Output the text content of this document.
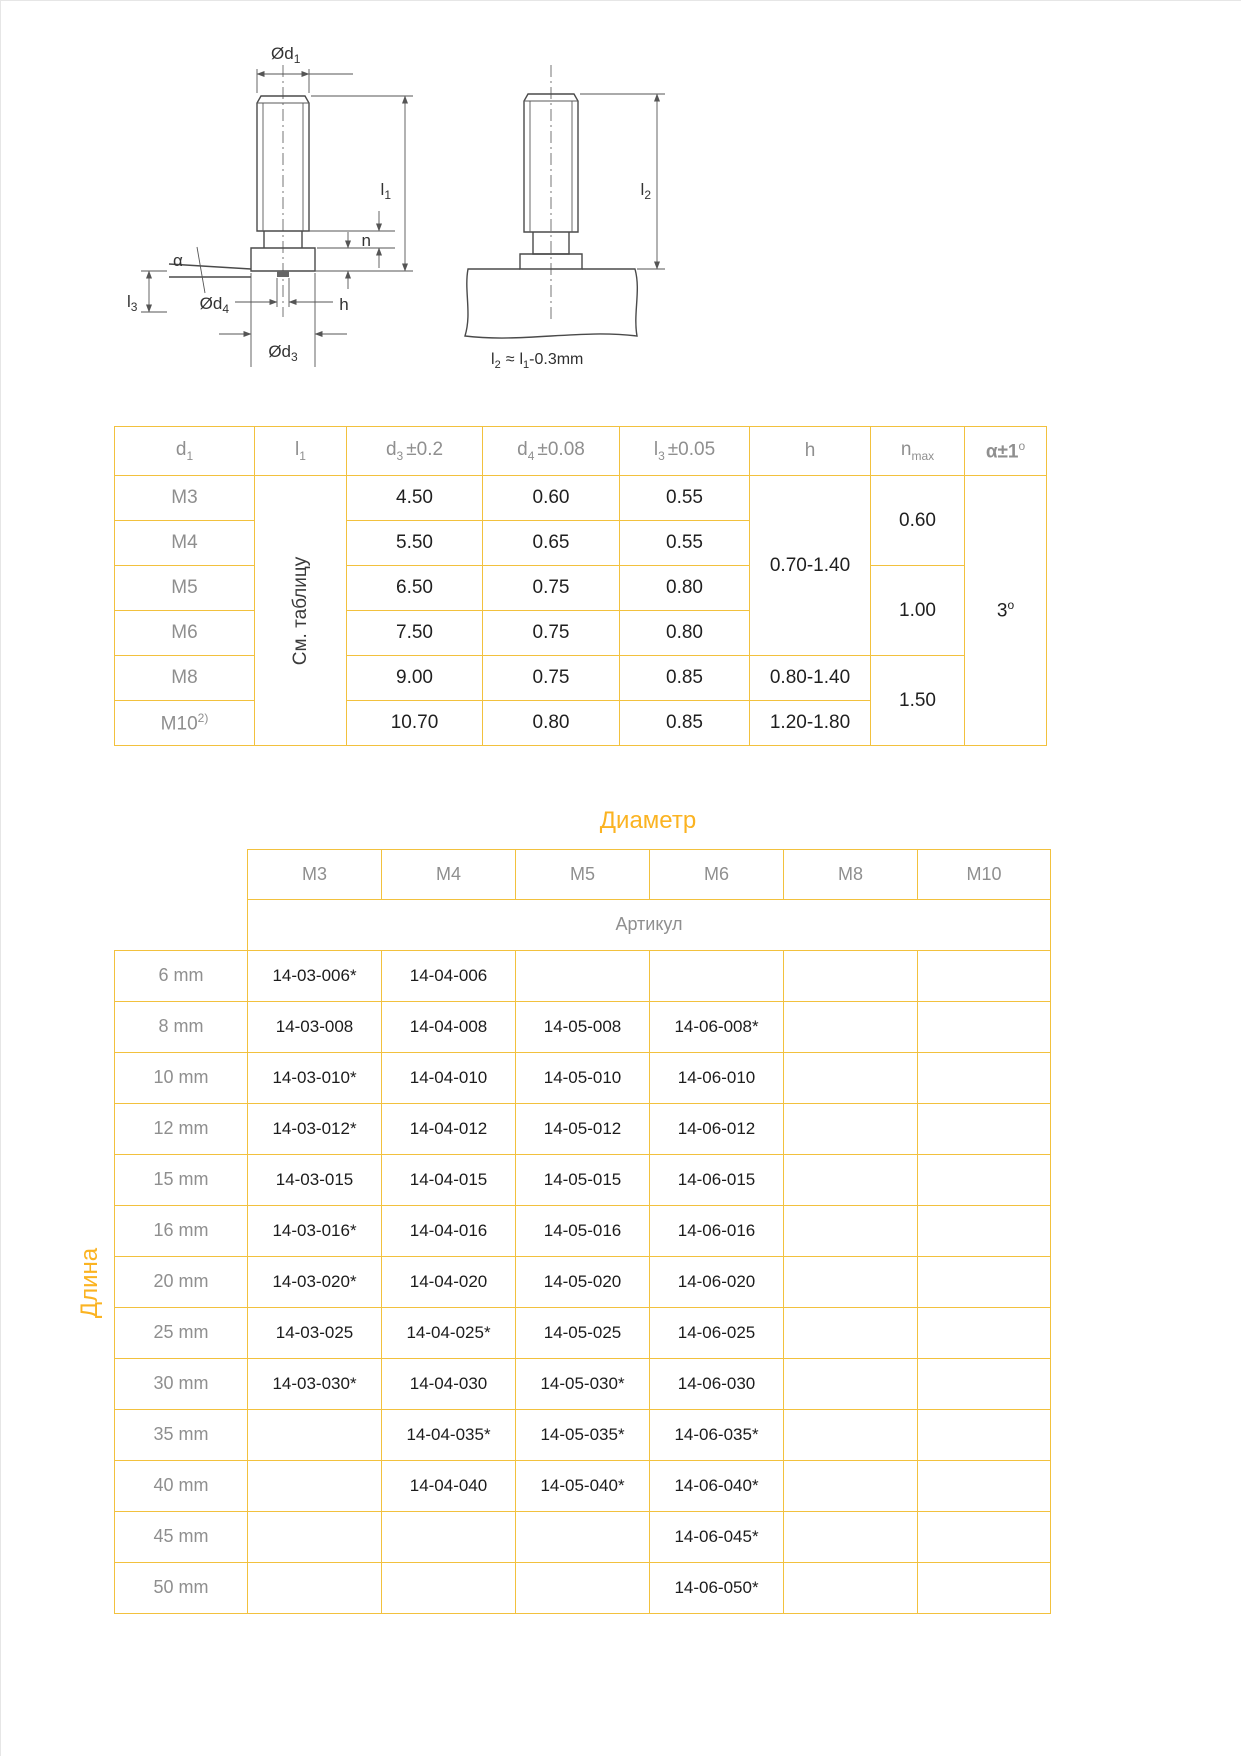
α
$Ød_1$
$l_1$
n
h
$l_3$	$Ød_4$
$Ød_3$
$l_2$
$l_2 \approx l_1-0.3mm$
$d_1$	$l_1$	$d_3 \pm 0.2$	$d_4 \pm 0.08$	$l_3 \pm 0.05$	h	$n_{max}$	$\alpha\pm 1^o$
M3	См. таблицу	4.50	0.60	0.55	0.70-1.40	0.60	3$^o$
M4		5.50	0.65	0.55			
M5		6.50	0.75	0.80		1.00	
M6		7.50	0.75	0.80			
M8		9.00	0.75	0.85	0.80-1.40	1.50	
M10$^{2)}$		10.70	0.80	0.85	1.20-1.80		
Диаметр
Длина
	M3	M4	M5	M6	M8	M10
	Артикул					
6 mm	14-03-006*	14-04-006				
8 mm	14-03-008	14-04-008	14-05-008	14-06-008*		
10 mm	14-03-010*	14-04-010	14-05-010	14-06-010		
12 mm	14-03-012*	14-04-012	14-05-012	14-06-012		
15 mm	14-03-015	14-04-015	14-05-015	14-06-015		
16 mm	14-03-016*	14-04-016	14-05-016	14-06-016		
20 mm	14-03-020*	14-04-020	14-05-020	14-06-020		
25 mm	14-03-025	14-04-025*	14-05-025	14-06-025		
30 mm	14-03-030*	14-04-030	14-05-030*	14-06-030		
35 mm		14-04-035*	14-05-035*	14-06-035*		
40 mm		14-04-040	14-05-040*	14-06-040*		
45 mm				14-06-045*		
50 mm				14-06-050*		
